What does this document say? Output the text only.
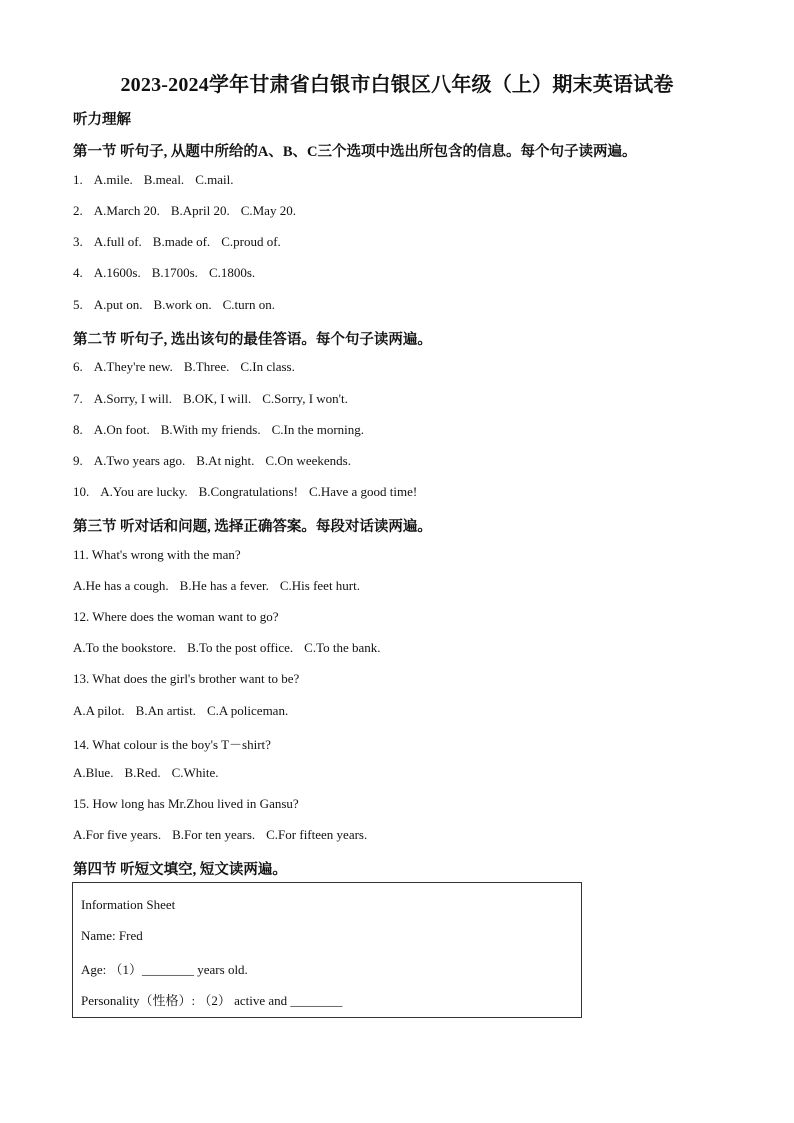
2023-2024学年甘肃省白银市白银区八年级（上）期末英语试卷
听力理解
第一节 听句子, 从题中所给的A、B、C三个选项中选出所包含的信息。每个句子读两遍。
1. A.mile. B.meal. C.mail.
2. A.March 20. B.April 20. C.May 20.
3. A.full of. B.made of. C.proud of.
4. A.1600s. B.1700s. C.1800s.
5. A.put on. B.work on. C.turn on.
第二节 听句子, 选出该句的最佳答语。每个句子读两遍。
6. A.They're new. B.Three. C.In class.
7. A.Sorry, I will. B.OK, I will. C.Sorry, I won't.
8. A.On foot. B.With my friends. C.In the morning.
9. A.Two years ago. B.At night. C.On weekends.
10. A.You are lucky. B.Congratulations! C.Have a good time!
第三节 听对话和问题, 选择正确答案。每段对话读两遍。
11. What's wrong with the man?
A.He has a cough. B.He has a fever. C.His feet hurt.
12. Where does the woman want to go?
A.To the bookstore. B.To the post office. C.To the bank.
13. What does the girl's brother want to be?
A.A pilot. B.An artist. C.A policeman.
14. What colour is the boy's T－shirt?
A.Blue. B.Red. C.White.
15. How long has Mr.Zhou lived in Gansu?
A.For five years. B.For ten years. C.For fifteen years.
第四节 听短文填空, 短文读两遍。
Information Sheet
Name: Fred
Age: （1）________ years old.
Personality（性格）: （2） active and ________
